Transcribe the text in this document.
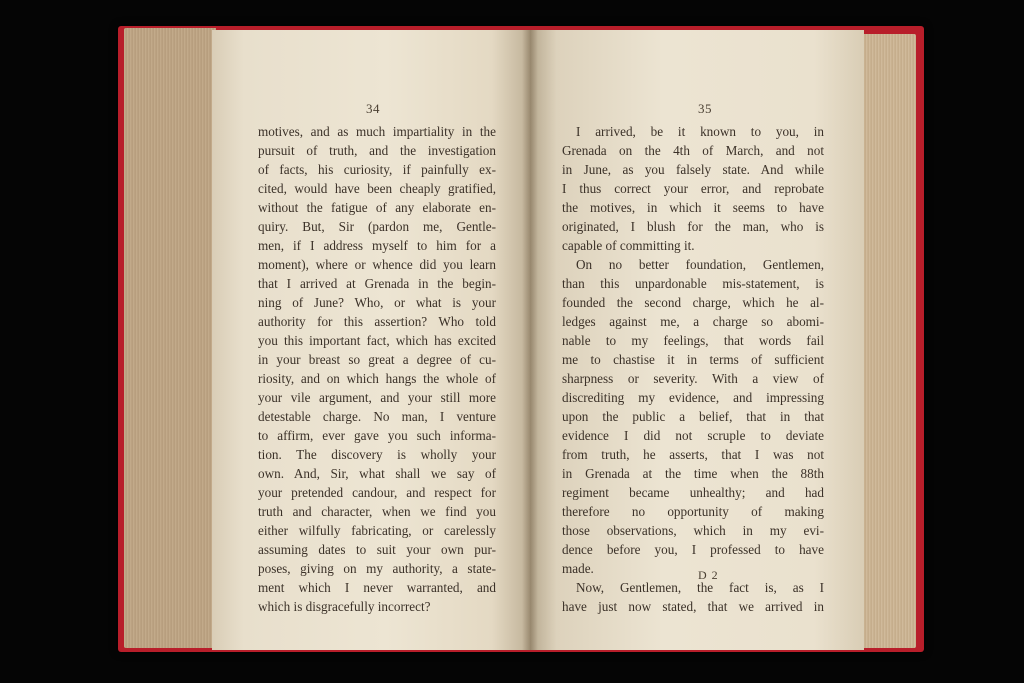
34
motives, and as much impartiality in the
pursuit of truth, and the investigation
of facts, his curiosity, if painfully ex-
cited, would have been cheaply gratified,
without the fatigue of any elaborate en-
quiry. But, Sir (pardon me, Gentle-
men, if I address myself to him for a
moment), where or whence did you learn
that I arrived at Grenada in the begin-
ning of June? Who, or what is your
authority for this assertion? Who told
you this important fact, which has excited
in your breast so great a degree of cu-
riosity, and on which hangs the whole of
your vile argument, and your still more
detestable charge. No man, I venture
to affirm, ever gave you such informa-
tion. The discovery is wholly your
own. And, Sir, what shall we say of
your pretended candour, and respect for
truth and character, when we find you
either wilfully fabricating, or carelessly
assuming dates to suit your own pur-
poses, giving on my authority, a state-
ment which I never warranted, and
which is disgracefully incorrect?
35
I arrived, be it known to you, in
Grenada on the 4th of March, and not
in June, as you falsely state. And while
I thus correct your error, and reprobate
the motives, in which it seems to have
originated, I blush for the man, who is
capable of committing it.
On no better foundation, Gentlemen,
than this unpardonable mis-statement, is
founded the second charge, which he al-
ledges against me, a charge so abomi-
nable to my feelings, that words fail
me to chastise it in terms of sufficient
sharpness or severity. With a view of
discrediting my evidence, and impressing
upon the public a belief, that in that
evidence I did not scruple to deviate
from truth, he asserts, that I was not
in Grenada at the time when the 88th
regiment became unhealthy; and had
therefore no opportunity of making
those observations, which in my evi-
dence before you, I professed to have
made.
Now, Gentlemen, the fact is, as I
have just now stated, that we arrived in
D 2
